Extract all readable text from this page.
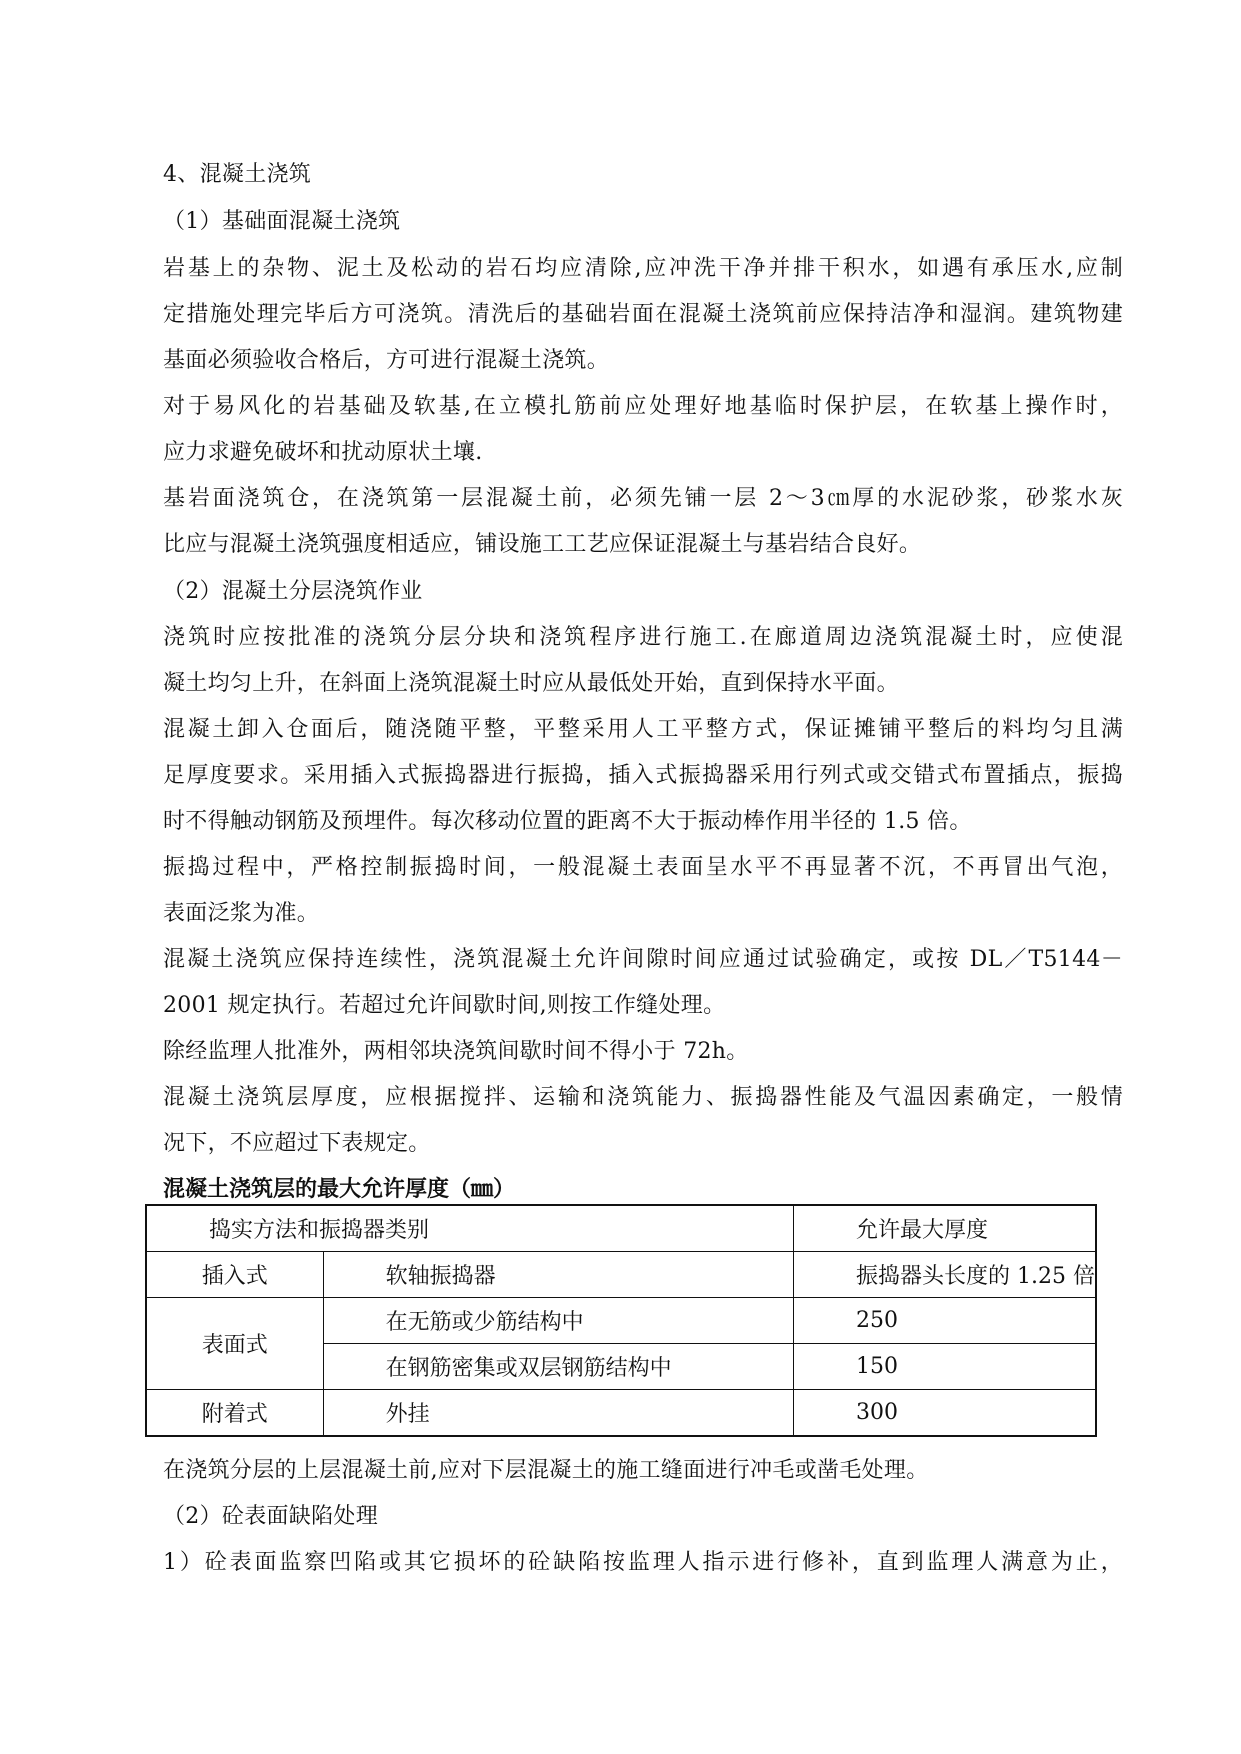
4、混凝土浇筑
（1）基础面混凝土浇筑
岩基上的杂物、泥土及松动的岩石均应清除,应冲洗干净并排干积水，如遇有承压水,应制
定措施处理完毕后方可浇筑。清洗后的基础岩面在混凝土浇筑前应保持洁净和湿润。建筑物建
基面必须验收合格后，方可进行混凝土浇筑。
对于易风化的岩基础及软基,在立模扎筋前应处理好地基临时保护层，在软基上操作时，
应力求避免破坏和扰动原状土壤.
基岩面浇筑仓，在浇筑第一层混凝土前，必须先铺一层 2～3㎝厚的水泥砂浆，砂浆水灰
比应与混凝土浇筑强度相适应，铺设施工工艺应保证混凝土与基岩结合良好。
（2）混凝土分层浇筑作业
浇筑时应按批准的浇筑分层分块和浇筑程序进行施工.在廊道周边浇筑混凝土时，应使混
凝土均匀上升，在斜面上浇筑混凝土时应从最低处开始，直到保持水平面。
混凝土卸入仓面后，随浇随平整，平整采用人工平整方式，保证摊铺平整后的料均匀且满
足厚度要求。采用插入式振捣器进行振捣，插入式振捣器采用行列式或交错式布置插点，振捣
时不得触动钢筋及预埋件。每次移动位置的距离不大于振动棒作用半径的 1.5 倍。
振捣过程中，严格控制振捣时间，一般混凝土表面呈水平不再显著不沉，不再冒出气泡，
表面泛浆为准。
混凝土浇筑应保持连续性，浇筑混凝土允许间隙时间应通过试验确定，或按 DL／T5144－
2001 规定执行。若超过允许间歇时间,则按工作缝处理。
除经监理人批准外，两相邻块浇筑间歇时间不得小于 72h。
混凝土浇筑层厚度，应根据搅拌、运输和浇筑能力、振捣器性能及气温因素确定，一般情
况下，不应超过下表规定。
混凝土浇筑层的最大允许厚度（㎜）
捣实方法和振捣器类别		允许最大厚度
插入式	软轴振捣器	振捣器头长度的 1.25 倍
表面式	在无筋或少筋结构中	250
	在钢筋密集或双层钢筋结构中	150
附着式	外挂	300
在浇筑分层的上层混凝土前,应对下层混凝土的施工缝面进行冲毛或凿毛处理。
（2）砼表面缺陷处理
1）砼表面监察凹陷或其它损坏的砼缺陷按监理人指示进行修补，直到监理人满意为止，
